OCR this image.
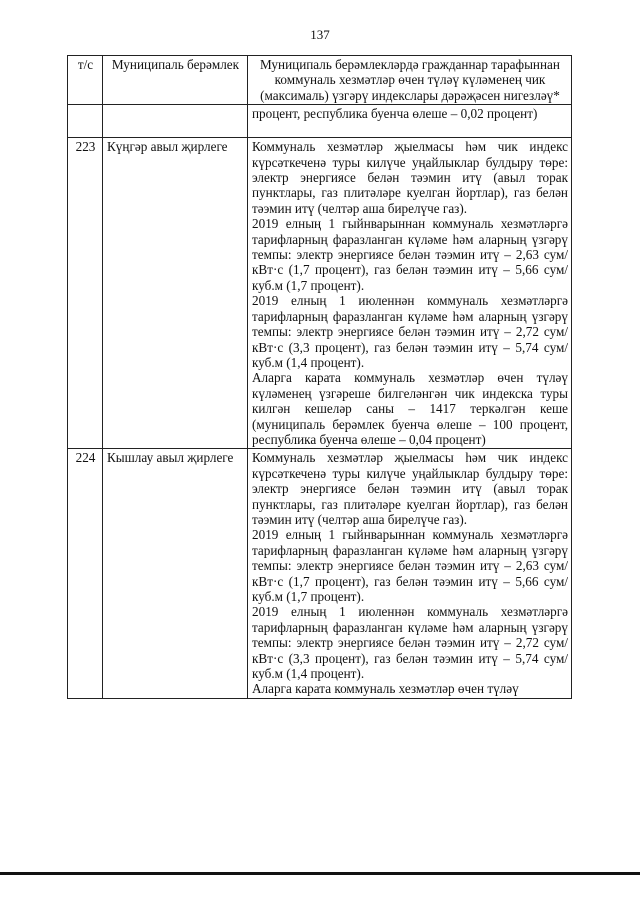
137
т/с	Муниципаль берәмлек	Муниципаль берәмлекләрдә гражданнар тарафыннан коммуналь хезмәтләр өчен түләү күләменең чик (максималь) үзгәрү индекслары дәрәҗәсен нигезләү*

		процент, республика буенча өлеше – 0,02 процент)

223	Күңгәр авыл җирлеге	Коммуналь хезмәтләр җыелмасы һәм чик индекс күрсәткеченә туры килүче уңайлыклар булдыру төре: электр энергиясе белән тәэмин итү (авыл торак пунктлары, газ плитәләре куелган йортлар), газ белән тәэмин итү (челтәр аша бирелүче газ).

2019 елның 1 гыйнварыннан коммуналь хезмәтләргә тарифларның фаразланган күләме һәм аларның үзгәрү темпы: электр энергиясе белән тәэмин итү – 2,63 сум/кВт·с (1,7 процент), газ белән тәэмин итү – 5,66 сум/куб.м (1,7 процент).

2019 елның 1 июленнән коммуналь хезмәтләргә тарифларның фаразланган күләме һәм аларның үзгәрү темпы: электр энергиясе белән тәэмин итү – 2,72 сум/кВт·с (3,3 процент), газ белән тәэмин итү – 5,74 сум/куб.м (1,4 процент).

Аларга карата коммуналь хезмәтләр өчен түләү күләменең үзгәреше билгеләнгән чик индекска туры килгән кешеләр саны – 1417 теркәлгән кеше (муниципаль берәмлек буенча өлеше – 100 процент, республика буенча өлеше – 0,04 процент)

224	Кышлау авыл җирлеге	Коммуналь хезмәтләр җыелмасы һәм чик индекс күрсәткеченә туры килүче уңайлыклар булдыру төре: электр энергиясе белән тәэмин итү (авыл торак пунктлары, газ плитәләре куелган йортлар), газ белән тәэмин итү (челтәр аша бирелүче газ).

2019 елның 1 гыйнварыннан коммуналь хезмәтләргә тарифларның фаразланган күләме һәм аларның үзгәрү темпы: электр энергиясе белән тәэмин итү – 2,63 сум/кВт·с (1,7 процент), газ белән тәэмин итү – 5,66 сум/куб.м (1,7 процент).

2019 елның 1 июленнән коммуналь хезмәтләргә тарифларның фаразланган күләме һәм аларның үзгәрү темпы: электр энергиясе белән тәэмин итү – 2,72 сум/кВт·с (3,3 процент), газ белән тәэмин итү – 5,74 сум/куб.м (1,4 процент).

Аларга карата коммуналь хезмәтләр өчен түләү
